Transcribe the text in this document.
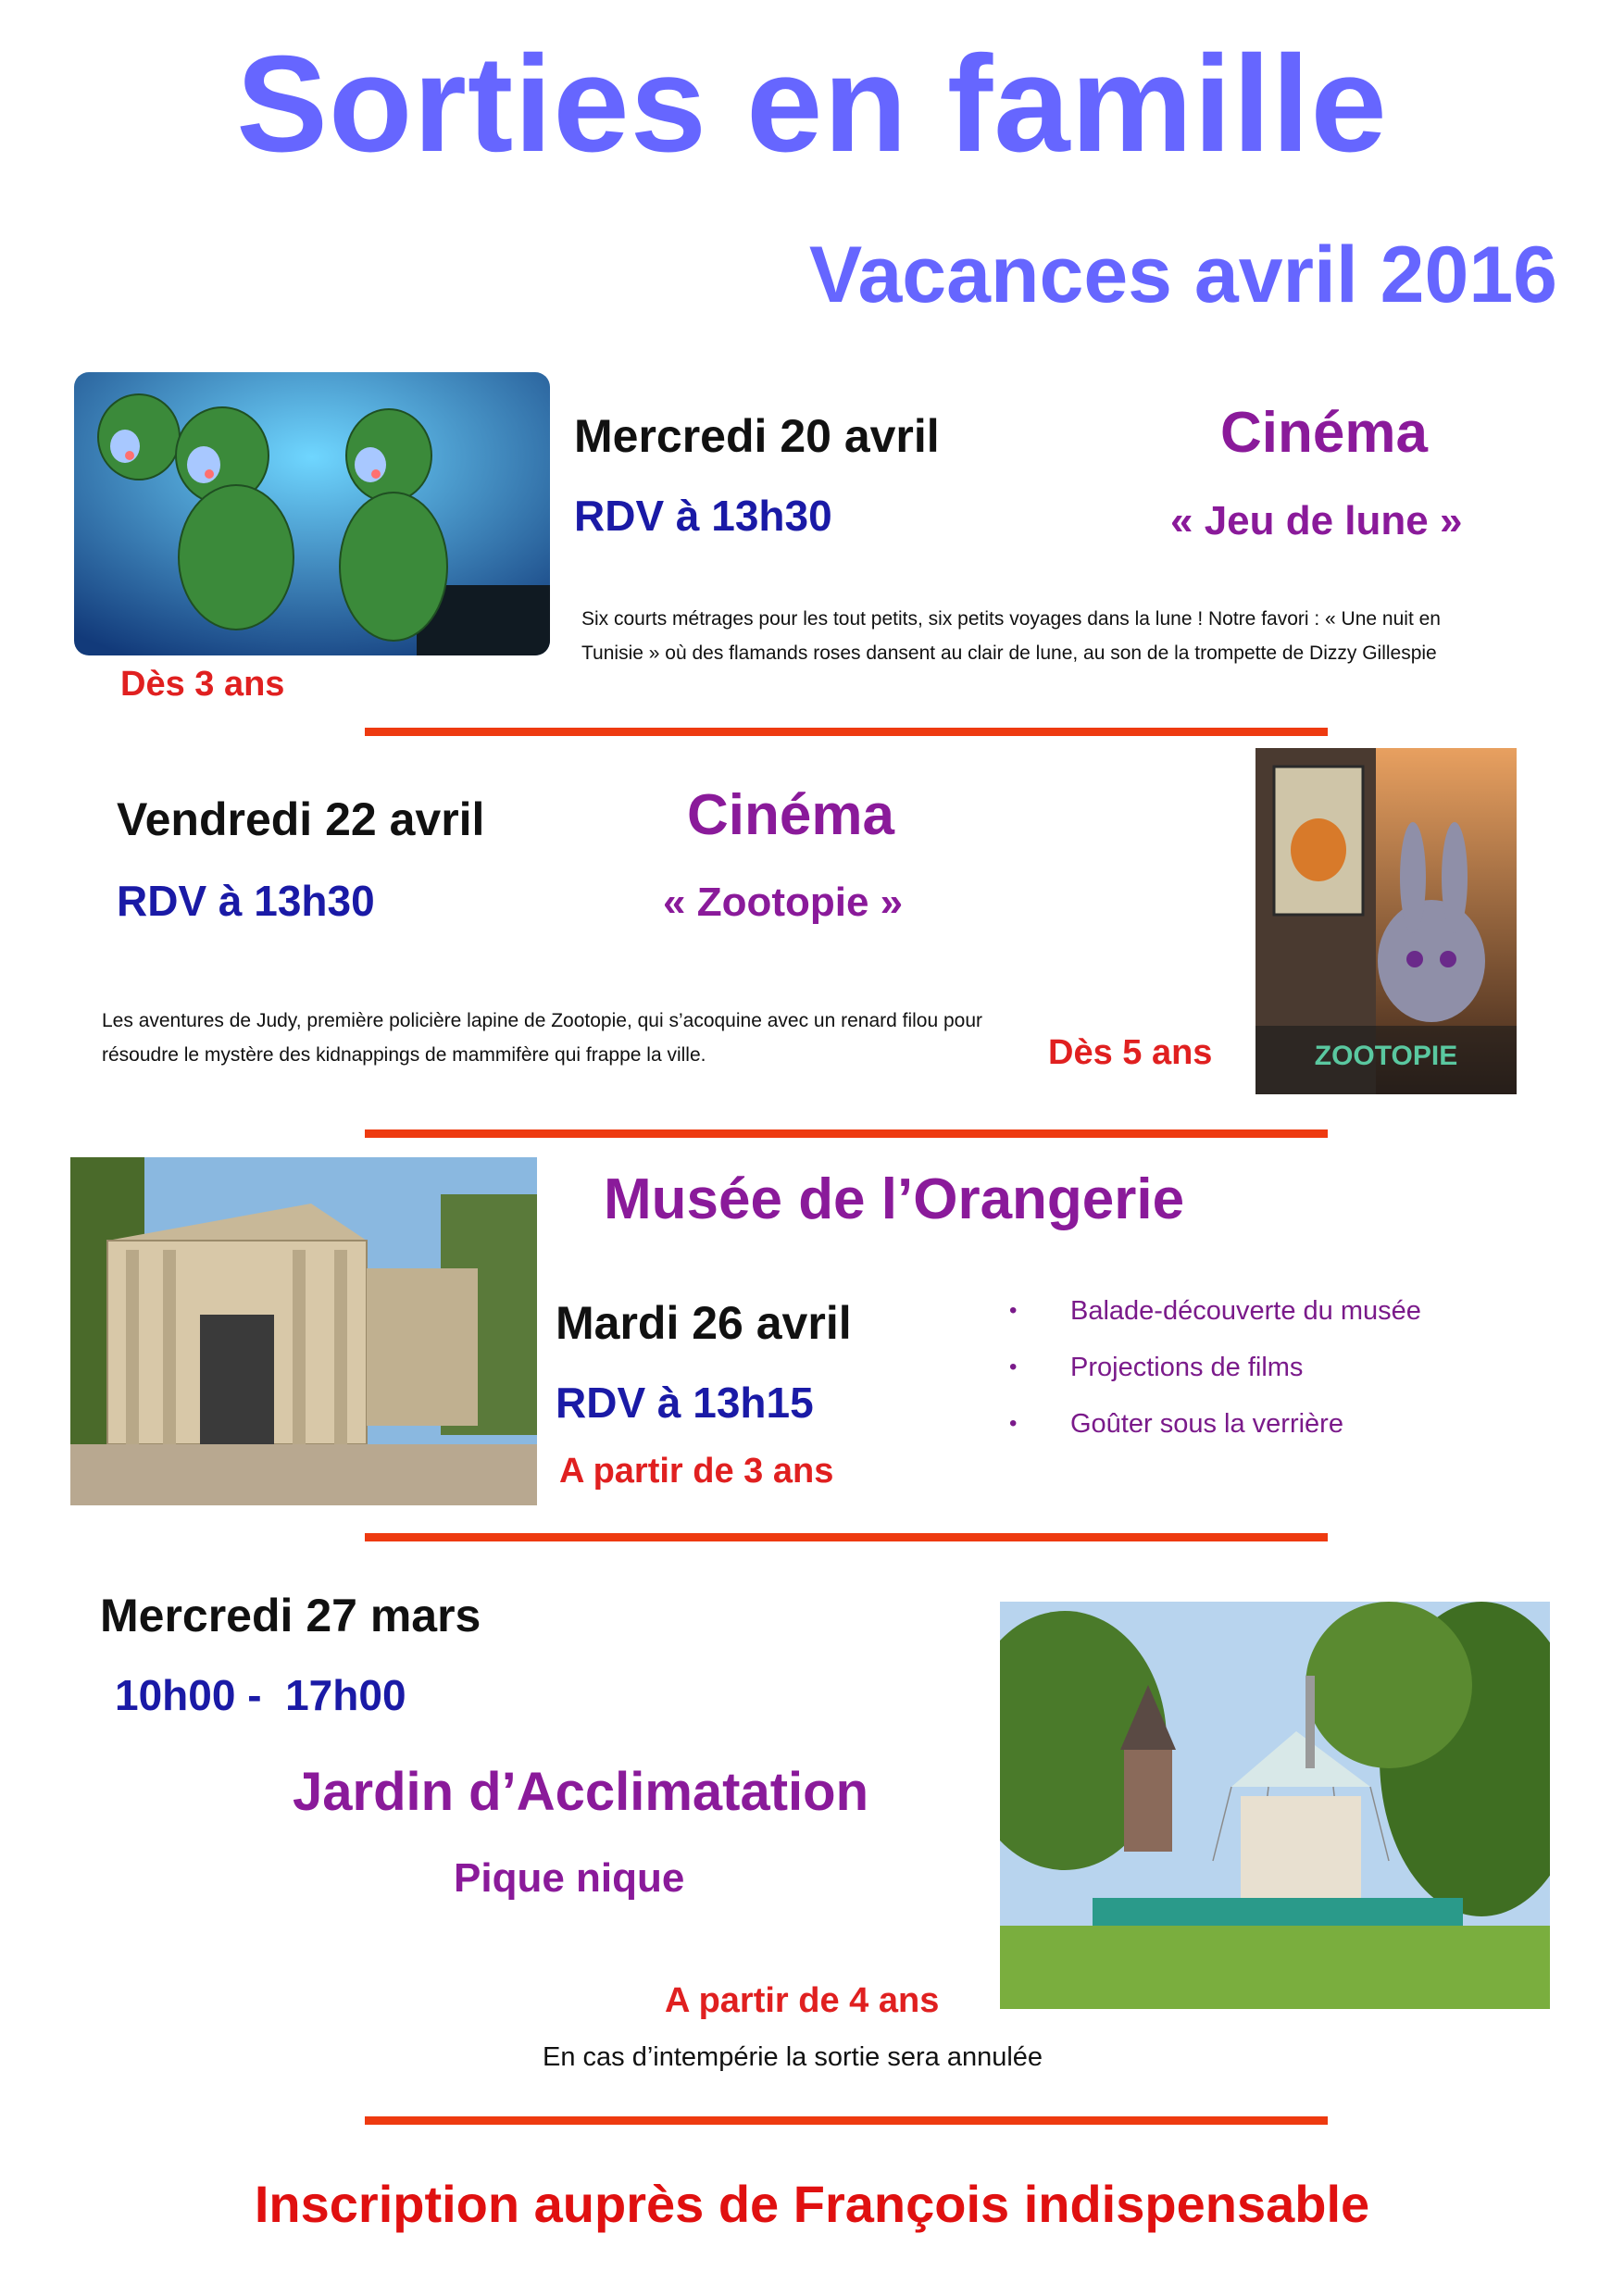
Sorties en famille
Vacances avril 2016
Mercredi 20 avril
RDV à 13h30
Cinéma
« Jeu de lune »
Six courts métrages pour les tout petits, six petits voyages dans la lune ! Notre favori : « Une nuit en Tunisie » où des flamands roses dansent au clair de lune, au son de la trompette de Dizzy Gillespie
Dès 3 ans
Vendredi 22 avril
RDV à 13h30
Cinéma
« Zootopie »
Les aventures de Judy, première policière lapine de Zootopie, qui s’acoquine avec un renard filou pour résoudre le mystère des kidnappings de mammifère qui frappe la ville.	Dès 5 ans	ZOOTOPIE
Musée de l’Orangerie
Mardi 26 avril
RDV à 13h15
A partir de 3 ans
• Balade-découverte du musée
• Projections de films
• Goûter sous la verrière
Mercredi 27 mars
10h00 -  17h00
Jardin d’Acclimatation
Pique nique
A partir de 4 ans
En cas d’intempérie la sortie sera annulée
Inscription auprès de François indispensable
